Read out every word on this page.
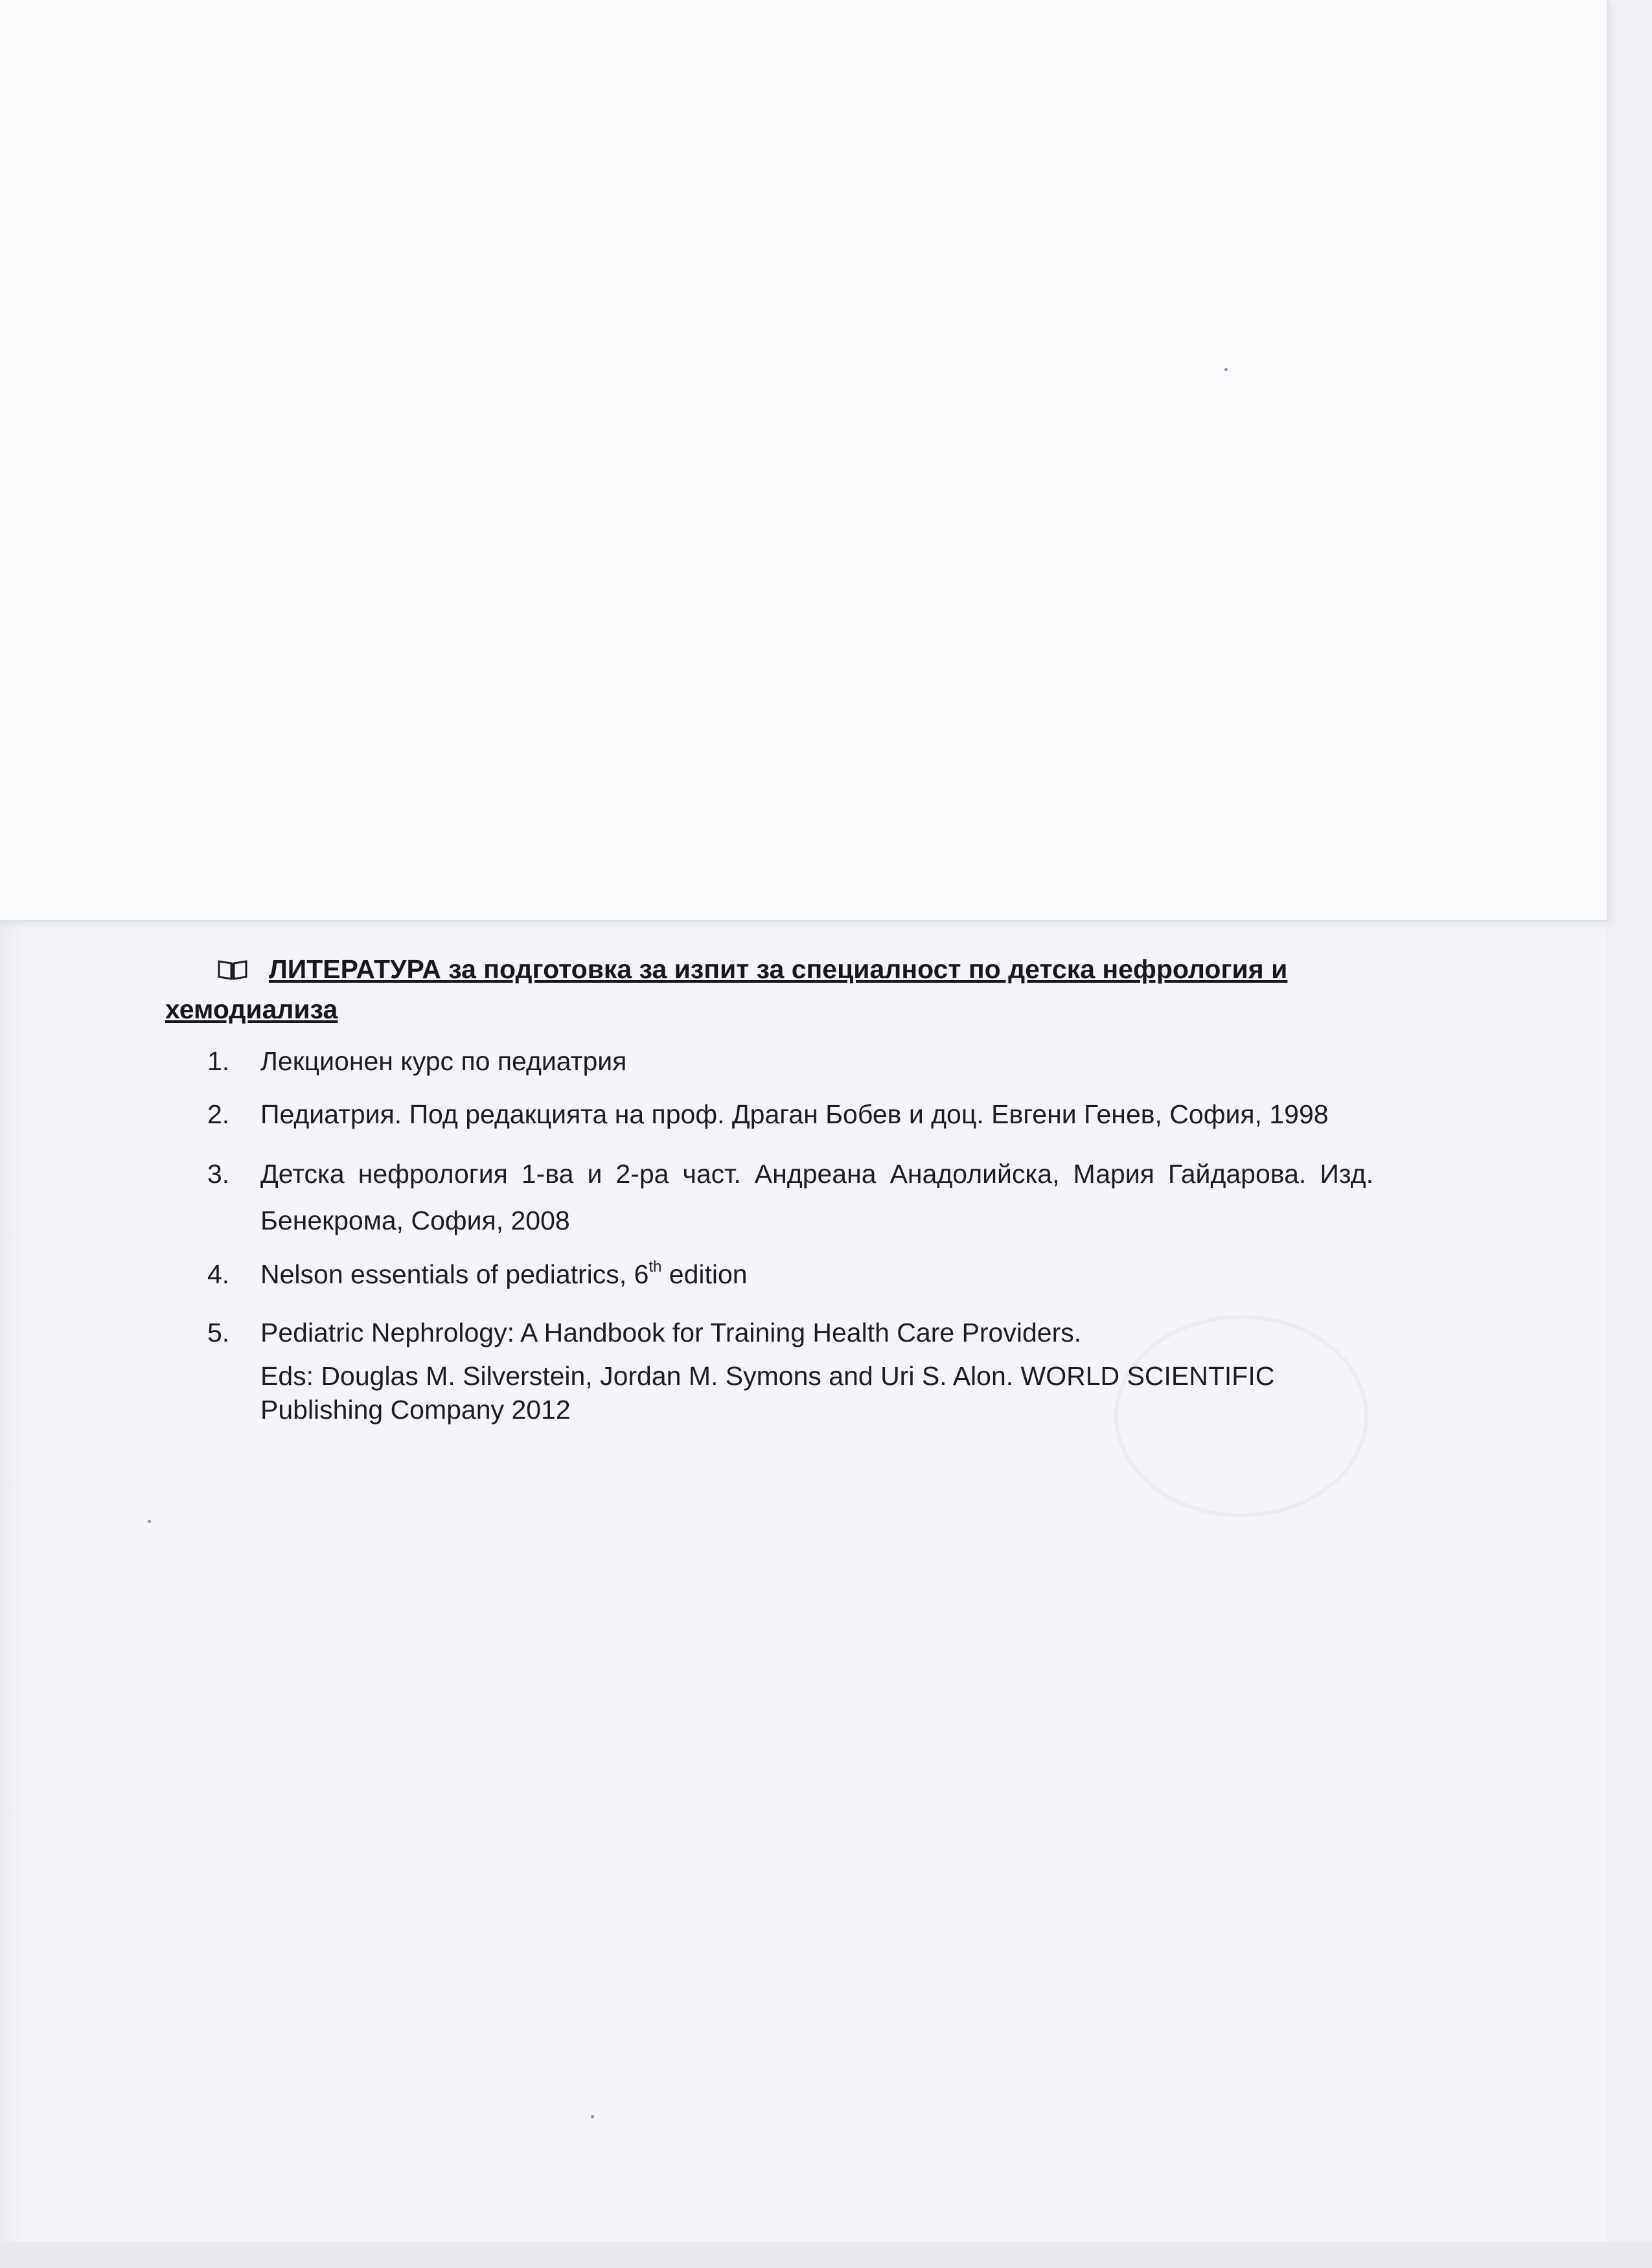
ЛИТЕРАТУРА за подготовка за изпит за специалност по детска нефрология и хемодиализа
1. Лекционен курс по педиатрия
2. Педиатрия. Под редакцията на проф. Драган Бобев и доц. Евгени Генев, София, 1998
3. Детска нефрология 1-ва и 2-ра част. Андреана Анадолийска, Мария Гайдарова. Изд. Бенекрома, София, 2008
4. Nelson essentials of pediatrics, 6th edition
5. Pediatric Nephrology: A Handbook for Training Health Care Providers.
Eds: Douglas M. Silverstein, Jordan M. Symons and Uri S. Alon. WORLD SCIENTIFIC Publishing Company 2012
